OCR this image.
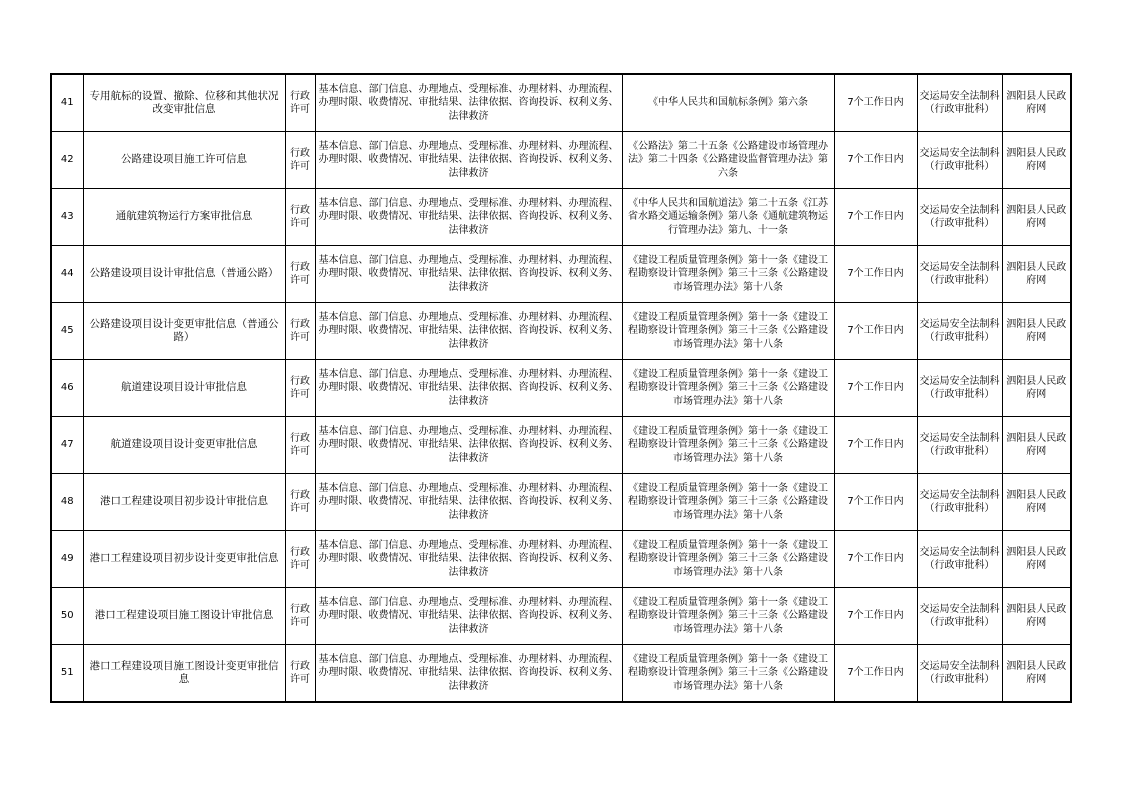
41	专用航标的设置、撤除、位移和其他状况改变审批信息	行政许可	基本信息、部门信息、办理地点、受理标准、办理材料、办理流程、办理时限、收费情况、审批结果、法律依据、咨询投诉、权利义务、法律救济	《中华人民共和国航标条例》第六条	7个工作日内	交运局安全法制科（行政审批科）	泗阳县人民政府网
42	公路建设项目施工许可信息	行政许可	基本信息、部门信息、办理地点、受理标准、办理材料、办理流程、办理时限、收费情况、审批结果、法律依据、咨询投诉、权利义务、法律救济	《公路法》第二十五条《公路建设市场管理办法》第二十四条《公路建设监督管理办法》第六条	7个工作日内	交运局安全法制科（行政审批科）	泗阳县人民政府网
43	通航建筑物运行方案审批信息	行政许可	基本信息、部门信息、办理地点、受理标准、办理材料、办理流程、办理时限、收费情况、审批结果、法律依据、咨询投诉、权利义务、法律救济	《中华人民共和国航道法》第二十五条《江苏省水路交通运输条例》第八条《通航建筑物运行管理办法》第九、十一条	7个工作日内	交运局安全法制科（行政审批科）	泗阳县人民政府网
44	公路建设项目设计审批信息（普通公路）	行政许可	基本信息、部门信息、办理地点、受理标准、办理材料、办理流程、办理时限、收费情况、审批结果、法律依据、咨询投诉、权利义务、法律救济	《建设工程质量管理条例》第十一条《建设工程勘察设计管理条例》第三十三条《公路建设市场管理办法》第十八条	7个工作日内	交运局安全法制科（行政审批科）	泗阳县人民政府网
45	公路建设项目设计变更审批信息（普通公路）	行政许可	基本信息、部门信息、办理地点、受理标准、办理材料、办理流程、办理时限、收费情况、审批结果、法律依据、咨询投诉、权利义务、法律救济	《建设工程质量管理条例》第十一条《建设工程勘察设计管理条例》第三十三条《公路建设市场管理办法》第十八条	7个工作日内	交运局安全法制科（行政审批科）	泗阳县人民政府网
46	航道建设项目设计审批信息	行政许可	基本信息、部门信息、办理地点、受理标准、办理材料、办理流程、办理时限、收费情况、审批结果、法律依据、咨询投诉、权利义务、法律救济	《建设工程质量管理条例》第十一条《建设工程勘察设计管理条例》第三十三条《公路建设市场管理办法》第十八条	7个工作日内	交运局安全法制科（行政审批科）	泗阳县人民政府网
47	航道建设项目设计变更审批信息	行政许可	基本信息、部门信息、办理地点、受理标准、办理材料、办理流程、办理时限、收费情况、审批结果、法律依据、咨询投诉、权利义务、法律救济	《建设工程质量管理条例》第十一条《建设工程勘察设计管理条例》第三十三条《公路建设市场管理办法》第十八条	7个工作日内	交运局安全法制科（行政审批科）	泗阳县人民政府网
48	港口工程建设项目初步设计审批信息	行政许可	基本信息、部门信息、办理地点、受理标准、办理材料、办理流程、办理时限、收费情况、审批结果、法律依据、咨询投诉、权利义务、法律救济	《建设工程质量管理条例》第十一条《建设工程勘察设计管理条例》第三十三条《公路建设市场管理办法》第十八条	7个工作日内	交运局安全法制科（行政审批科）	泗阳县人民政府网
49	港口工程建设项目初步设计变更审批信息	行政许可	基本信息、部门信息、办理地点、受理标准、办理材料、办理流程、办理时限、收费情况、审批结果、法律依据、咨询投诉、权利义务、法律救济	《建设工程质量管理条例》第十一条《建设工程勘察设计管理条例》第三十三条《公路建设市场管理办法》第十八条	7个工作日内	交运局安全法制科（行政审批科）	泗阳县人民政府网
50	港口工程建设项目施工图设计审批信息	行政许可	基本信息、部门信息、办理地点、受理标准、办理材料、办理流程、办理时限、收费情况、审批结果、法律依据、咨询投诉、权利义务、法律救济	《建设工程质量管理条例》第十一条《建设工程勘察设计管理条例》第三十三条《公路建设市场管理办法》第十八条	7个工作日内	交运局安全法制科（行政审批科）	泗阳县人民政府网
51	港口工程建设项目施工图设计变更审批信息	行政许可	基本信息、部门信息、办理地点、受理标准、办理材料、办理流程、办理时限、收费情况、审批结果、法律依据、咨询投诉、权利义务、法律救济	《建设工程质量管理条例》第十一条《建设工程勘察设计管理条例》第三十三条《公路建设市场管理办法》第十八条	7个工作日内	交运局安全法制科（行政审批科）	泗阳县人民政府网
